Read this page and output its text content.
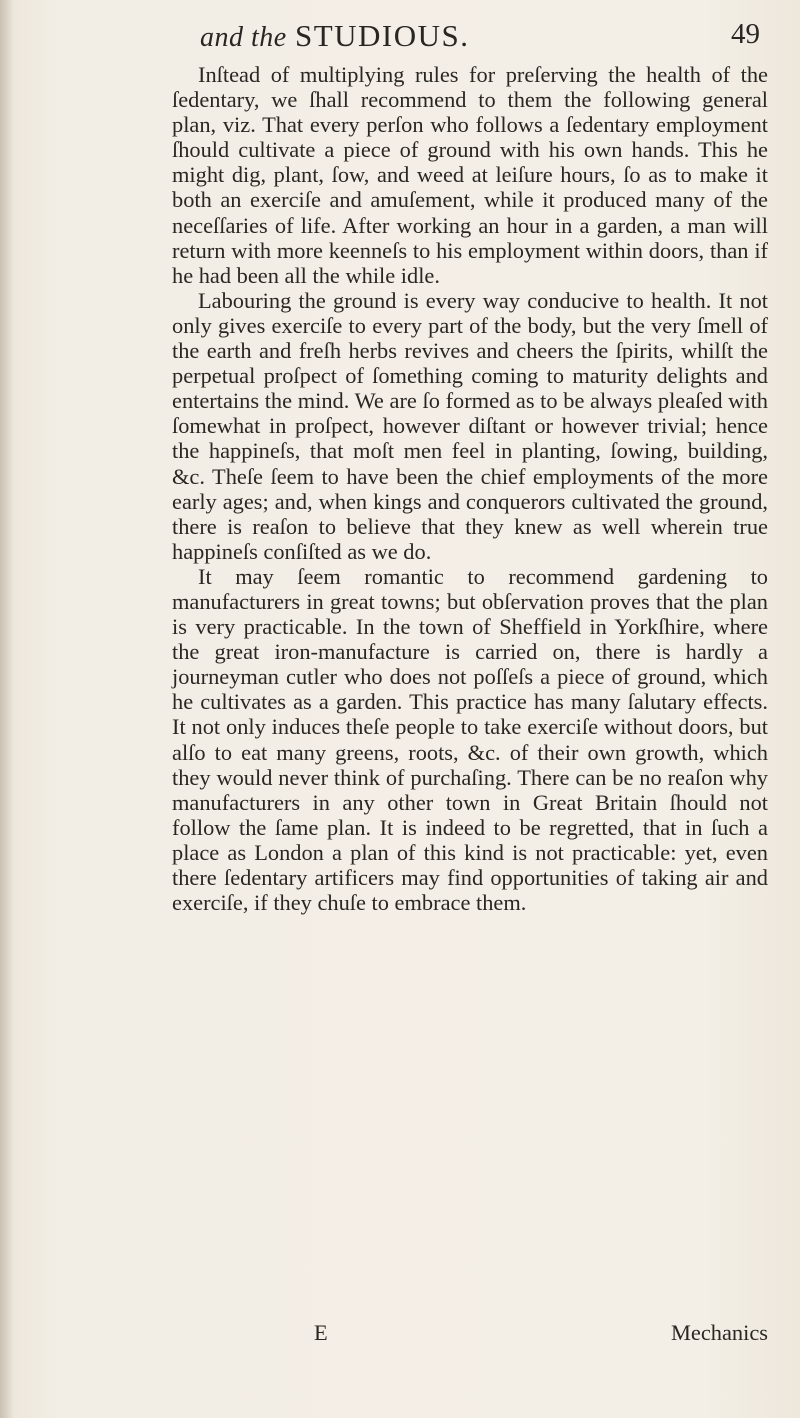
and the STUDIOUS.	49

Inſtead of multiplying rules for preſerving the health of the ſedentary, we ſhall recommend to them the following general plan, viz. That every perſon who follows a ſedentary employment ſhould cultivate a piece of ground with his own hands. This he might dig, plant, ſow, and weed at leiſure hours, ſo as to make it both an exerciſe and amuſement, while it produced many of the neceſſaries of life. After working an hour in a garden, a man will return with more keenneſs to his employment within doors, than if he had been all the while idle.

Labouring the ground is every way conducive to health. It not only gives exerciſe to every part of the body, but the very ſmell of the earth and freſh herbs revives and cheers the ſpirits, whilſt the perpetual proſpect of ſomething coming to maturity delights and entertains the mind. We are ſo formed as to be always pleaſed with ſomewhat in proſpect, however diſtant or however trivial; hence the happineſs, that moſt men feel in planting, ſowing, building, &c. Theſe ſeem to have been the chief employments of the more early ages; and, when kings and conquerors cultivated the ground, there is reaſon to believe that they knew as well wherein true happineſs conſiſted as we do.

It may ſeem romantic to recommend gardening to manufacturers in great towns; but obſervation proves that the plan is very practicable. In the town of Sheffield in Yorkſhire, where the great iron-manufacture is carried on, there is hardly a journeyman cutler who does not poſſeſs a piece of ground, which he cultivates as a garden. This practice has many ſalutary effects. It not only induces theſe people to take exerciſe without doors, but alſo to eat many greens, roots, &c. of their own growth, which they would never think of purchaſing. There can be no reaſon why manufacturers in any other town in Great Britain ſhould not follow the ſame plan. It is indeed to be regretted, that in ſuch a place as London a plan of this kind is not practicable: yet, even there ſedentary artificers may find opportunities of taking air and exerciſe, if they chuſe to embrace them.

E	Mechanics
